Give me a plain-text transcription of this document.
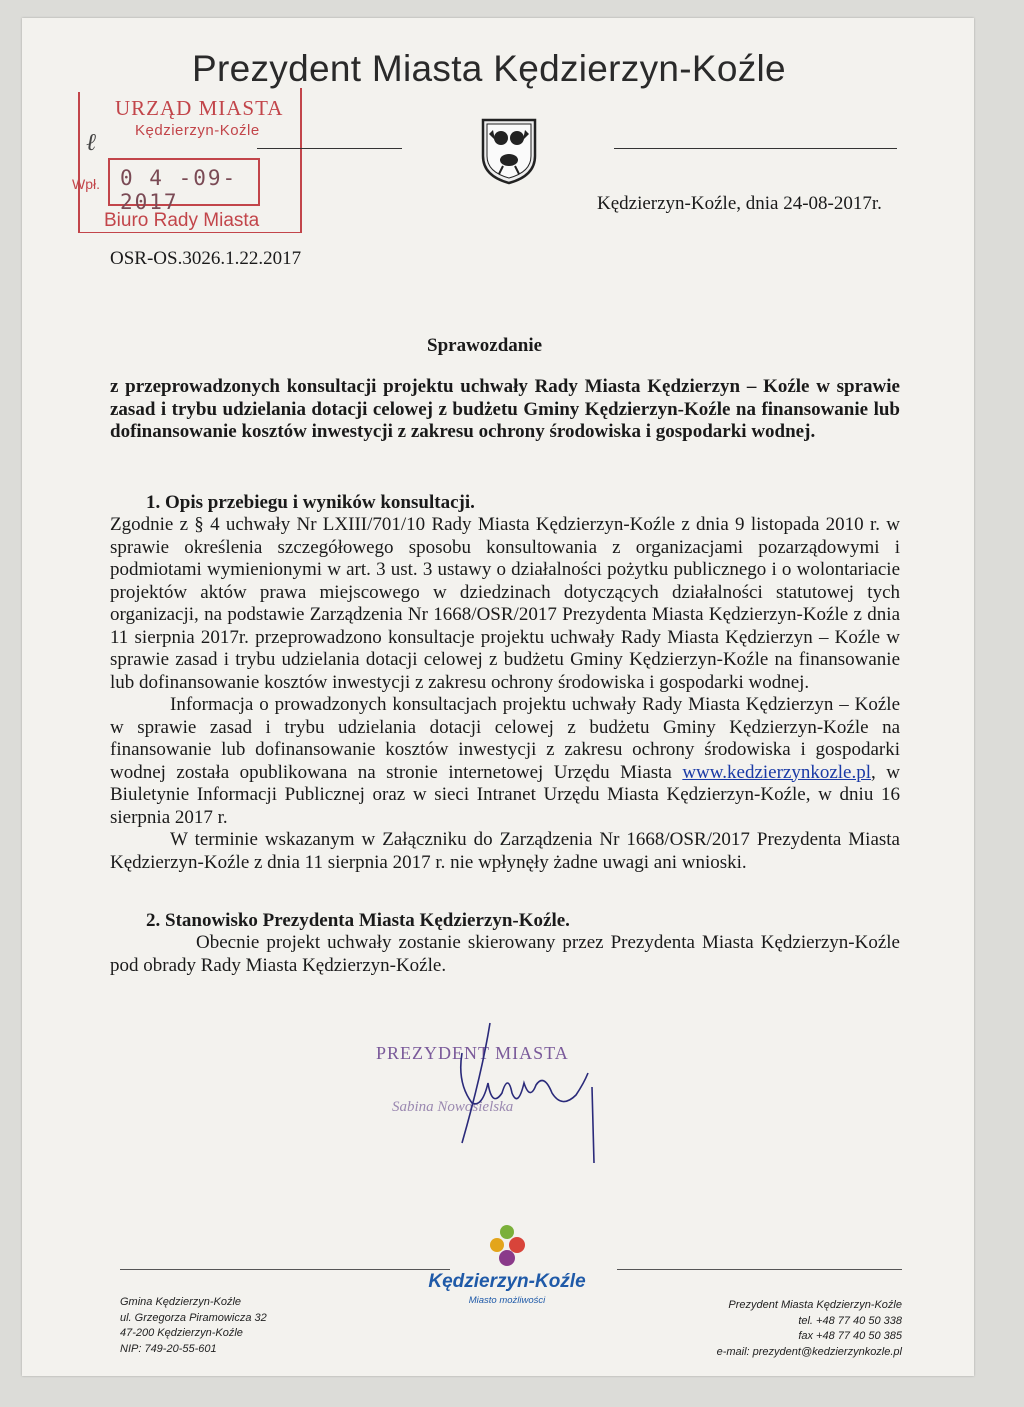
URZĄD MIASTA
Kędzierzyn-Koźle
ℓ
Wpł. 0 4 -09- 2017
Biuro Rady Miasta
Prezydent Miasta Kędzierzyn-Koźle
Kędzierzyn-Koźle, dnia 24-08-2017r.
OSR-OS.3026.1.22.2017
Sprawozdanie
z przeprowadzonych konsultacji projektu uchwały Rady Miasta Kędzierzyn – Koźle w sprawie zasad i trybu udzielania dotacji celowej z budżetu Gminy Kędzierzyn-Koźle na finansowanie lub dofinansowanie kosztów inwestycji z zakresu ochrony środowiska i gospodarki wodnej.
1. Opis przebiegu i wyników konsultacji.
Zgodnie z § 4 uchwały Nr LXIII/701/10 Rady Miasta Kędzierzyn-Koźle z dnia 9 listopada 2010 r. w sprawie określenia szczegółowego sposobu konsultowania z organizacjami pozarządowymi i podmiotami wymienionymi w art. 3 ust. 3 ustawy o działalności pożytku publicznego i o wolontariacie projektów aktów prawa miejscowego w dziedzinach dotyczących działalności statutowej tych organizacji, na podstawie Zarządzenia Nr 1668/OSR/2017 Prezydenta Miasta Kędzierzyn-Koźle z dnia 11 sierpnia 2017r. przeprowadzono konsultacje projektu uchwały Rady Miasta Kędzierzyn – Koźle w sprawie zasad i trybu udzielania dotacji celowej z budżetu Gminy Kędzierzyn-Koźle na finansowanie lub dofinansowanie kosztów inwestycji z zakresu ochrony środowiska i gospodarki wodnej.
Informacja o prowadzonych konsultacjach projektu uchwały Rady Miasta Kędzierzyn – Koźle w sprawie zasad i trybu udzielania dotacji celowej z budżetu Gminy Kędzierzyn-Koźle na finansowanie lub dofinansowanie kosztów inwestycji z zakresu ochrony środowiska i gospodarki wodnej została opublikowana na stronie internetowej Urzędu Miasta www.kedzierzynkozle.pl, w Biuletynie Informacji Publicznej oraz w sieci Intranet Urzędu Miasta Kędzierzyn-Koźle, w dniu 16 sierpnia 2017 r.
W terminie wskazanym w Załączniku do Zarządzenia Nr 1668/OSR/2017 Prezydenta Miasta Kędzierzyn-Koźle z dnia 11 sierpnia 2017 r. nie wpłynęły żadne uwagi ani wnioski.
2. Stanowisko Prezydenta Miasta Kędzierzyn-Koźle.
Obecnie projekt uchwały zostanie skierowany przez Prezydenta Miasta Kędzierzyn-Koźle pod obrady Rady Miasta Kędzierzyn-Koźle.
PREZYDENT MIASTA
Sabina Nowosielska
Kędzierzyn-Koźle
Miasto możliwości
Gmina Kędzierzyn-Koźle
ul. Grzegorza Piramowicza 32
47-200 Kędzierzyn-Koźle
NIP: 749-20-55-601
Prezydent Miasta Kędzierzyn-Koźle
tel. +48 77 40 50 338
fax +48 77 40 50 385
e-mail: prezydent@kedzierzynkozle.pl
